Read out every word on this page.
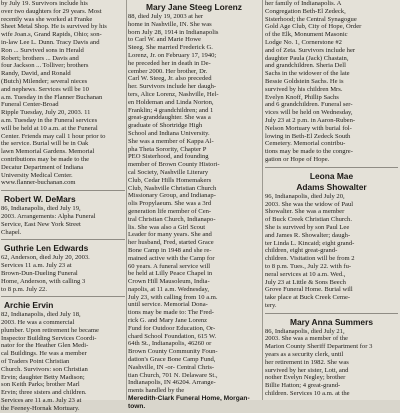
by July 19. Survivors include his
over two daughters for 29 years. Most
recently was she worked at Franke
Sheet Metal Shop. He is survived by his
wife Joan.s, Grand Rapids, Ohio; son-
in-law Lee L. Dunn. Tracy Davis and
Ron ... Survived sons in Herald
Robert; brothers ... Davis and
four Jackson ... Tolliver; brothers
Randy, David, and Ronald
(Butch) Milender; several nieces
and nephews. Services will be 10
a.m. Tuesday in the Flanner Buchanan
Funeral Center-Broad
Ripple Tuesday, July 20, 2003. 11
a.m. Tuesday in the Funeral services
will be held at 10 a.m. at the Funeral
Center. Friends may call 1 hour prior to
the service. Burial will be in Oak
lawn Memorial Gardens. Memorial
contributions may be made to the
Decatur Department of Indiana
University Medical Center.
www.flanner-buchanan.com
Robert W. DeMars
86, Indianapolis, died July 19,
2003. Arrangements: Alpha Funeral
Service, East New York Street
Chapel.
Guthrie Len Edwards
62, Anderson, died July 20, 2003.
Services 11 a.m. July 23 at
Brown-Dun-Dueling Funeral
Home, Anderson, with calling 3
to 8 p.m. July 22.
Archie Ervin
82, Indianapolis, died July 18,
2003. He was a commercial
plumber. Upon retirement he became
Inspector Building Services Coordi-
nator for the Heather Glen Medi-
cal Buildings. He was a member
of Traders Point Christian
Church. Survivors: son Christian
Ervin; daughter Betty Madison;
son Keith Parks; brother Marl
Ervin; three sisters and children.
Services are 11 a.m. July 23 at
the Feeney-Hornak Mortuary.
Mary Jane Steeg Lorenz
88, died July 19, 2003 at her
home in Nashville, IN. She was
born July 28, 1914 in Indianapolis
to Carl W. and Marie Howe
Steeg. She married Frederick G.
Lorenz, Jr. on February 17, 1940;
he preceded her in death in De-
cember 2000. Her brother, Dr.
Carl W. Steeg, Jr. also preceded
her. Survivors include her daugh-
ters, Alice Lorenz, Nashville, Hel-
en Holdeman and Linda Norton,
Franklin; 4 grandchildren; and 1
great-granddaughter. She was a
graduate of Shortridge High
School and Indiana University.
She was a member of Kappa Al-
pha Theta Sorority, Chapter P
PEO Sisterhood, and founding
member of Brown County Histori-
cal Society, Nashville Literary
Club, Cedar Hills Homemakers
Club, Nashville Christian Church
Missionary Group, and Indianap-
olis Propylaeum. She was a 3rd
generation life member of Cen-
tral Christian Church, Indianapo-
lis. She was also a Girl Scout
Leader for many years. She and
her husband, Fred, started Grace
Bone Camp in 1948 and she re-
mained active with the Camp for
60 years. A funeral service will
be held at Lilly Peace Chapel in
Crown Hill Mausoleum, India-
napolis, at 11 a.m. Wednesday,
July 23, with calling from 10 a.m.
until service. Memorial Dona-
tions may be made to: The Fred-
rick G. and Mary Jane Lorenz
Fund for Outdoor Education, Or-
chard School Foundation, 615 W.
64th St., Indianapolis, 46260 or
Brown County Community Foun-
dation's Grace Bone Camp Fund,
Nashville, IN -or- Central Chris-
tian Church, 701 N. Delaware St.,
Indianapolis, IN 46204. Arrange-
ments handled by the
Meredith-Clark Funeral Home, Morgan-
town.
her family of Indianapolis. A
Congregation Beth-El Zedeck,
Sisterhood; the Central Synagogue
Gold Age Club, City of Hope, Order
of the Elk, Monument Masonic
Lodge No. 1, Cornerstone #2
and of Zeta. Survivors include her
daughter Paula (Jack) Chastain,
and grandchildren. Sheria Dell
Sachs in the widower of the late
Bessie Goldstein Sachs. He is
survived by his children Mrs.
Evelyn Knoff, Phillip Sachs
and 6 grandchildren. Funeral ser-
vices will be held on Wednesday,
July 23 at 2 p.m. in Aaron-Ruben-
Nelson Mortuary with burial fol-
lowing in Beth-El Zedeck South
Cemetery. Memorial contribu-
tions may be made to the congre-
gation or Hope of Hope.
Leona Mae
Adams Showalter
96, Indianapolis, died July 20,
2003. She was the widow of Paul
Showalter. She was a member
of Buck Creek Christian Church.
She is survived by son Paul Lee
and James R. Showalter; daugh-
ter Linda L. Kincaid; eight grand-
children, eight great-grand-
children. Visitation will be from 2
to 8 p.m. Tues., July 22. with fu-
neral services at 10 a.m. Wed.,
July 23 at Little & Sons Beech
Grove Funeral Home. Burial will
take place at Buck Creek Ceme-
tery.
Mary Anna Summers
86, Indianapolis, died July 21,
2003. She was a member of the
Marion County Sheriff Department for 3
years as a security clerk, until
her retirement in 1982. She was
survived by her sister, Lott, and
nother Evelyn Negley; brother
Billie Hatton; 4 great-grand-
children. Services 10 a.m. at the
